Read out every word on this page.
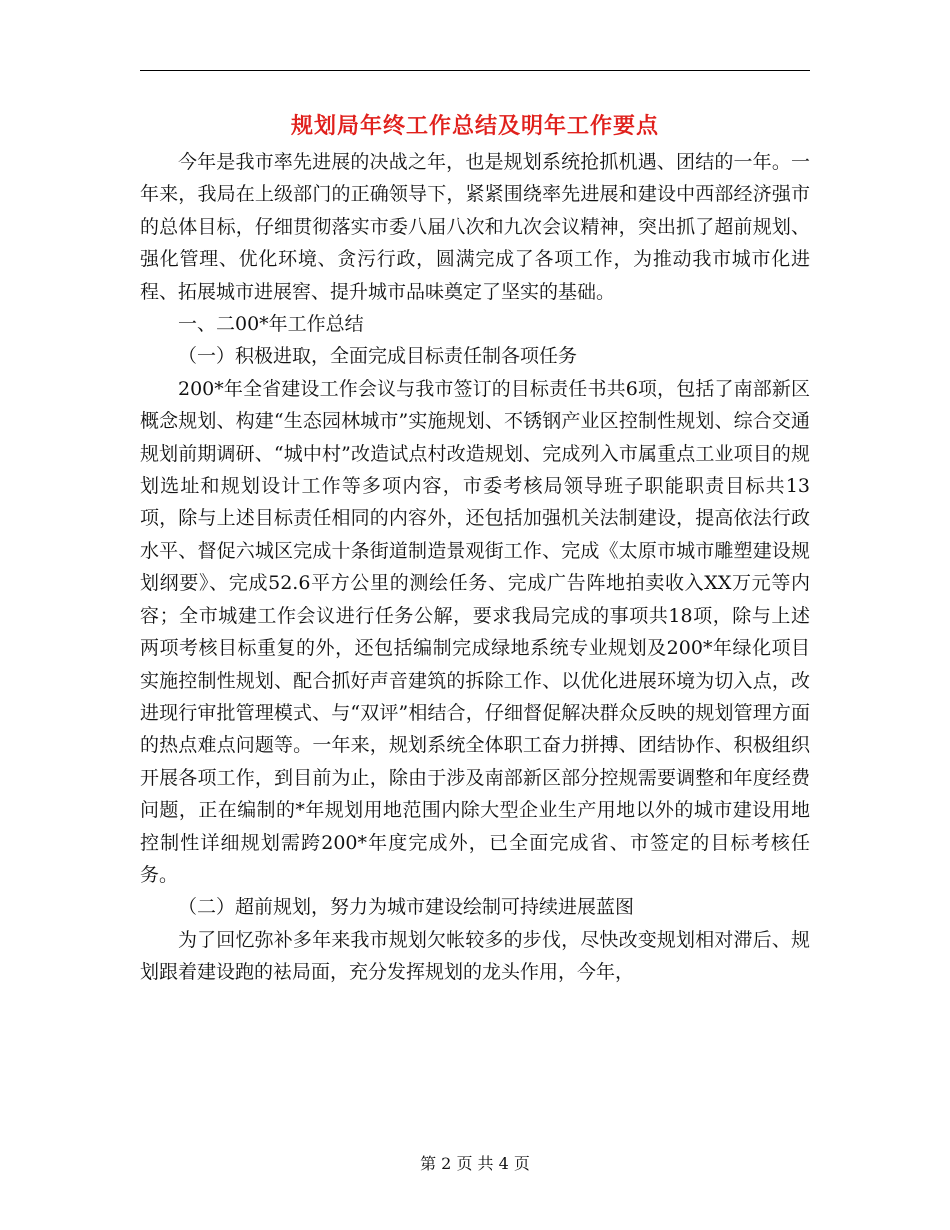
规划局年终工作总结及明年工作要点

今年是我市率先进展的决战之年，也是规划系统抢抓机遇、团结的一年。一年来，我局在上级部门的正确领导下，紧紧围绕率先进展和建设中西部经济强市的总体目标，仔细贯彻落实市委八届八次和九次会议精神，突出抓了超前规划、强化管理、优化环境、贪污行政，圆满完成了各项工作，为推动我市城市化进程、拓展城市进展窖、提升城市品味奠定了坚实的基础。

一、二00*年工作总结

（一）积极进取，全面完成目标责任制各项任务

200*年全省建设工作会议与我市签订的目标责任书共6项，包括了南部新区概念规划、构建“生态园林城市”实施规划、不锈钢产业区控制性规划、综合交通规划前期调研、“城中村”改造试点村改造规划、完成列入市属重点工业项目的规划选址和规划设计工作等多项内容，市委考核局领导班子职能职责目标共13项，除与上述目标责任相同的内容外，还包括加强机关法制建设，提高依法行政水平、督促六城区完成十条街道制造景观街工作、完成《太原市城市雕塑建设规划纲要》、完成52.6平方公里的测绘任务、完成广告阵地拍卖收入XX万元等内容；全市城建工作会议进行任务公解，要求我局完成的事项共18项，除与上述两项考核目标重复的外，还包括编制完成绿地系统专业规划及200*年绿化项目实施控制性规划、配合抓好声音建筑的拆除工作、以优化进展环境为切入点，改进现行审批管理模式、与“双评”相结合，仔细督促解决群众反映的规划管理方面的热点难点问题等。一年来，规划系统全体职工奋力拼搏、团结协作、积极组织开展各项工作，到目前为止，除由于涉及南部新区部分控规需要调整和年度经费问题，正在编制的*年规划用地范围内除大型企业生产用地以外的城市建设用地控制性详细规划需跨200*年度完成外，已全面完成省、市签定的目标考核任务。

（二）超前规划，努力为城市建设绘制可持续进展蓝图

为了回忆弥补多年来我市规划欠帐较多的步伐，尽快改变规划相对滞后、规划跟着建设跑的袪局面，充分发挥规划的龙头作用，今年，

第 2 页 共 4 页
